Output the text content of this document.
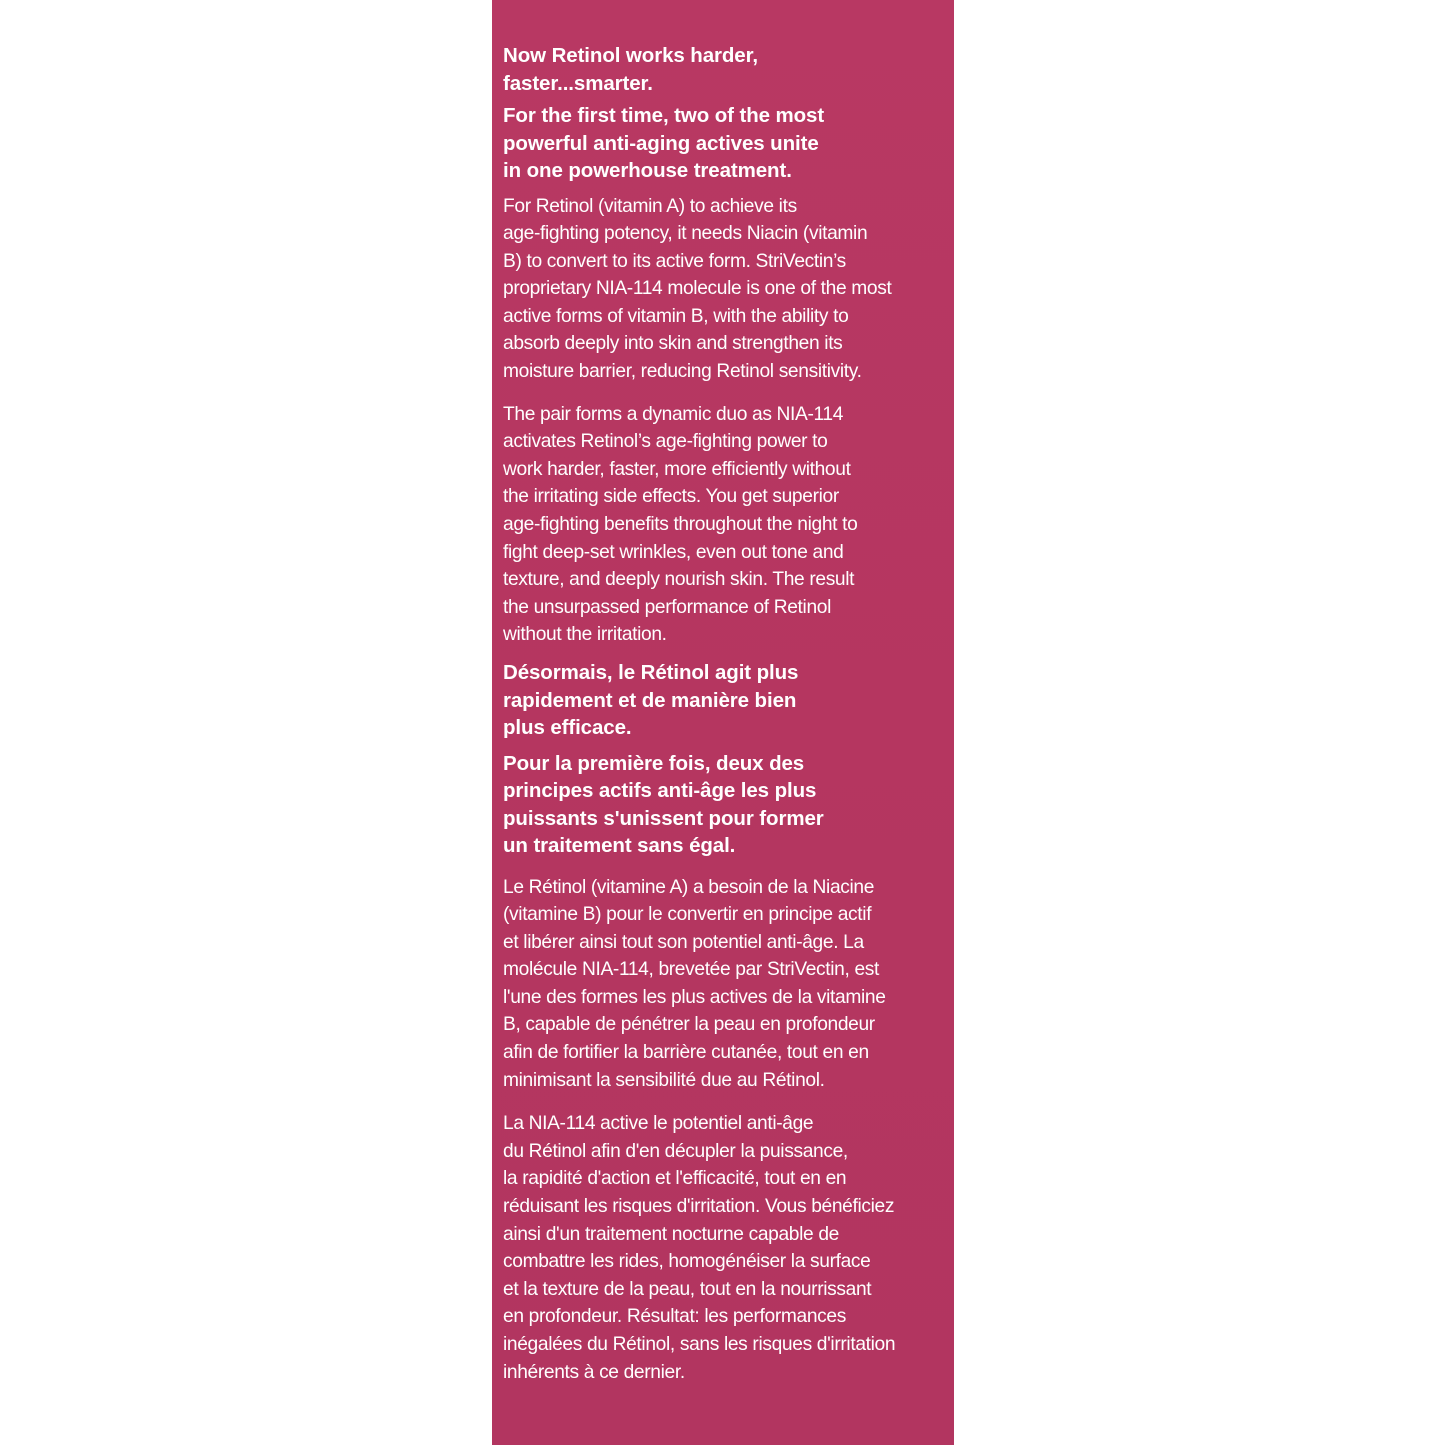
Now Retinol works harder,
faster...smarter.
For the first time, two of the most
powerful anti-aging actives unite
in one powerhouse treatment.
For Retinol (vitamin A) to achieve its
age-fighting potency, it needs Niacin (vitamin
B) to convert to its active form. StriVectin’s
proprietary NIA-114 molecule is one of the most
active forms of vitamin B, with the ability to
absorb deeply into skin and strengthen its
moisture barrier, reducing Retinol sensitivity.
The pair forms a dynamic duo as NIA-114
activates Retinol’s age-fighting power to
work harder, faster, more efficiently without
the irritating side effects. You get superior
age-fighting benefits throughout the night to
fight deep-set wrinkles, even out tone and
texture, and deeply nourish skin. The result
the unsurpassed performance of Retinol
without the irritation.
Désormais, le Rétinol agit plus
rapidement et de manière bien
plus efficace.
Pour la première fois, deux des
principes actifs anti-âge les plus
puissants s'unissent pour former
un traitement sans égal.
Le Rétinol (vitamine A) a besoin de la Niacine
(vitamine B) pour le convertir en principe actif
et libérer ainsi tout son potentiel anti-âge. La
molécule NIA-114, brevetée par StriVectin, est
l'une des formes les plus actives de la vitamine
B, capable de pénétrer la peau en profondeur
afin de fortifier la barrière cutanée, tout en en
minimisant la sensibilité due au Rétinol.
La NIA-114 active le potentiel anti-âge
du Rétinol afin d'en décupler la puissance,
la rapidité d'action et l'efficacité, tout en en
réduisant les risques d'irritation. Vous bénéficiez
ainsi d'un traitement nocturne capable de
combattre les rides, homogénéiser la surface
et la texture de la peau, tout en la nourrissant
en profondeur. Résultat: les performances
inégalées du Rétinol, sans les risques d'irritation
inhérents à ce dernier.
